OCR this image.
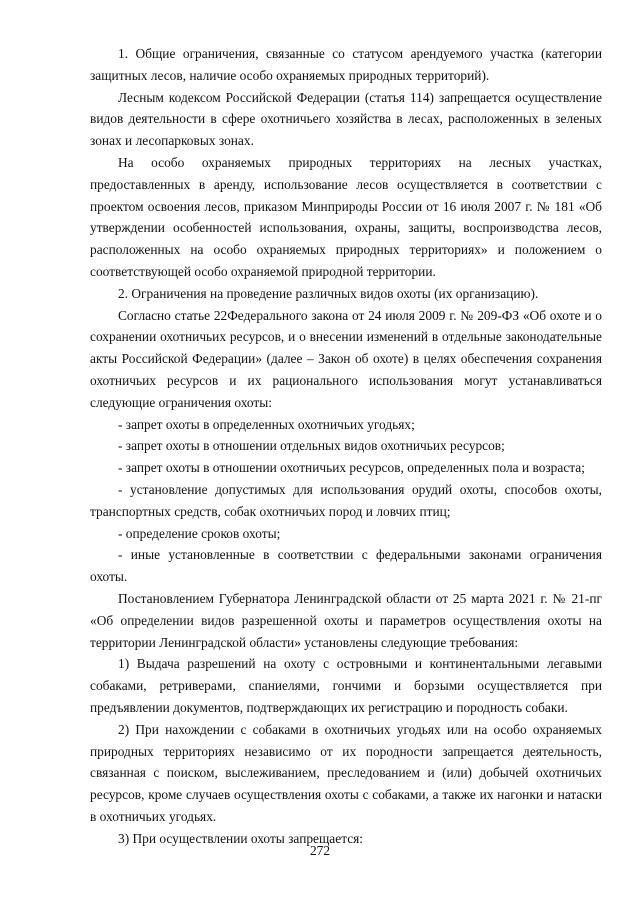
1. Общие ограничения, связанные со статусом арендуемого участка (категории защитных лесов, наличие особо охраняемых природных территорий).

Лесным кодексом Российской Федерации (статья 114) запрещается осуществление видов деятельности в сфере охотничьего хозяйства в лесах, расположенных в зеленых зонах и лесопарковых зонах.

На особо охраняемых природных территориях на лесных участках, предоставленных в аренду, использование лесов осуществляется в соответствии с проектом освоения лесов, приказом Минприроды России от 16 июля 2007 г. № 181 «Об утверждении особенностей использования, охраны, защиты, воспроизводства лесов, расположенных на особо охраняемых природных территориях» и положением о соответствующей особо охраняемой природной территории.

2. Ограничения на проведение различных видов охоты (их организацию).

Согласно статье 22Федерального закона от 24 июля 2009 г. № 209-ФЗ «Об охоте и о сохранении охотничьих ресурсов, и о внесении изменений в отдельные законодательные акты Российской Федерации» (далее – Закон об охоте) в целях обеспечения сохранения охотничьих ресурсов и их рационального использования могут устанавливаться следующие ограничения охоты:

- запрет охоты в определенных охотничьих угодьях;

- запрет охоты в отношении отдельных видов охотничьих ресурсов;

- запрет охоты в отношении охотничьих ресурсов, определенных пола и возраста;

- установление допустимых для использования орудий охоты, способов охоты, транспортных средств, собак охотничьих пород и ловчих птиц;

- определение сроков охоты;

- иные установленные в соответствии с федеральными законами ограничения охоты.

Постановлением Губернатора Ленинградской области от 25 марта 2021 г. № 21-пг «Об определении видов разрешенной охоты и параметров осуществления охоты на территории Ленинградской области» установлены следующие требования:

1) Выдача разрешений на охоту с островными и континентальными легавыми собаками, ретриверами, спаниелями, гончими и борзыми осуществляется при предъявлении документов, подтверждающих их регистрацию и породность собаки.

2) При нахождении с собаками в охотничьих угодьях или на особо охраняемых природных территориях независимо от их породности запрещается деятельность, связанная с поиском, выслеживанием, преследованием и (или) добычей охотничьих ресурсов, кроме случаев осуществления охоты с собаками, а также их нагонки и натаски в охотничьих угодьях.

3) При осуществлении охоты запрещается:

272
